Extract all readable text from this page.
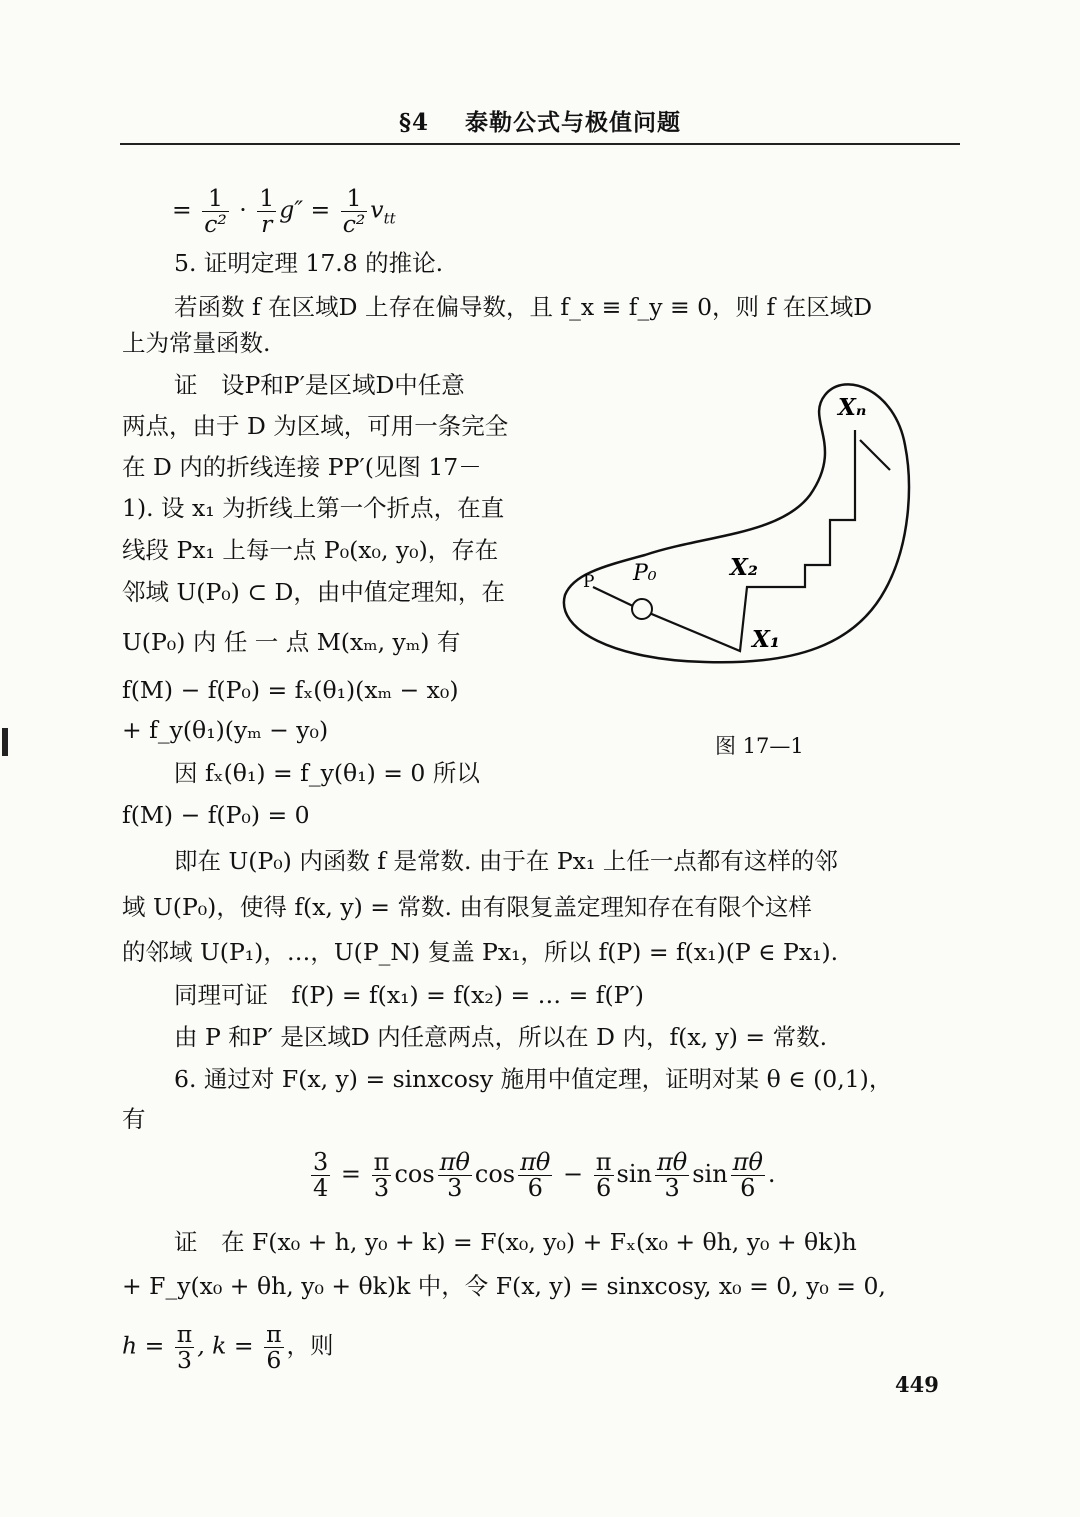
§4 泰勒公式与极值问题
= $\frac{1}{\text{c²}} \cdot \frac{1}{r} g'' = \frac{1}{\text{c²}} v_{tt}$
5. 证明定理 17.8 的推论.
若函数 f 在区域D 上存在偏导数，且 f_x ≡ f_y ≡ 0，则 f 在区域D
上为常量函数.
证　设P和P′是区域D中任意
两点，由于 D 为区域，可用一条完全
在 D 内的折线连接 PP′(见图 17－
1). 设 x₁ 为折线上第一个折点，在直
线段 Px₁ 上每一点 P₀(x₀, y₀)，存在
邻域 U(P₀) ⊂ D，由中值定理知，在
U(P₀) 内 任 一 点 M(xₘ, yₘ) 有
f(M) − f(P₀) = fₓ(θ₁)(xₘ − x₀)
+ f_y(θ₁)(yₘ − y₀)
因 fₓ(θ₁) = f_y(θ₁) = 0 所以
f(M) − f(P₀) = 0
P P₀	X₂
X₁
Xₙ
图 17—1
即在 U(P₀) 内函数 f 是常数. 由于在 Px₁ 上任一点都有这样的邻
域 U(P₀)，使得 f(x, y) = 常数. 由有限复盖定理知存在有限个这样
的邻域 U(P₁)，…，U(P_N) 复盖 Px₁，所以 f(P) = f(x₁)(P ∈ Px₁).
同理可证　f(P) = f(x₁) = f(x₂) = … = f(P′)
由 P 和P′ 是区域D 内任意两点，所以在 D 内，f(x, y) = 常数.
6. 通过对 F(x, y) = sinxcosy 施用中值定理，证明对某 θ ∈ (0,1)，
有
$\frac{3}{4} = \frac{\pi}{3}$ $\cos \frac{\pi\theta}{3}$ $\cos \frac{\pi\theta}{6} - \frac{\pi}{6}$ $\sin \frac{\pi\theta}{3}$ $\sin \frac{\pi\theta}{6}$ .
证　在 F(x₀ + h, y₀ + k) = F(x₀, y₀) + Fₓ(x₀ + θh, y₀ + θk)h
+ F_y(x₀ + θh, y₀ + θk)k 中，令 F(x, y) = sinxcosy, x₀ = 0, y₀ = 0,
$h = \frac{\pi}{3}$ , $k = \frac{\pi}{6}$ ，则
449
